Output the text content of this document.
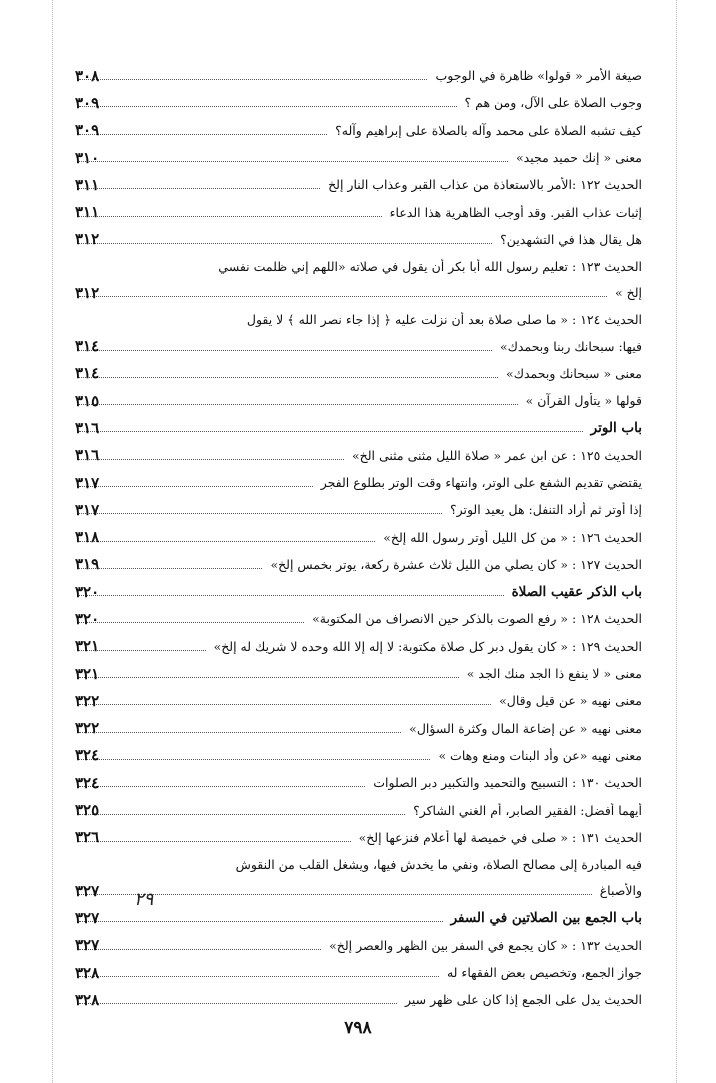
صيغة الأمر « قولوا» ظاهرة في الوجوب
٣٠٨
وجوب الصلاة على الآل، ومن هم ؟
٣٠٩
كيف تشبه الصلاة على محمد وآله بالصلاة على إبراهيم وآله؟
٣٠٩
معنى « إنك حميد مجيد»
٣١٠
الحديث ١٢٢ :الأمر بالاستعاذة من عذاب القبر وعذاب النار إلخ
٣١١
إثبات عذاب القبر. وقد أوجب الظاهرية هذا الدعاء
٣١١
هل يقال هذا في التشهدين؟
٣١٢
الحديث ١٢٣ : تعليم رسول الله أبا بكر أن يقول في صلاته «اللهم إني ظلمت نفسي
إلخ »
٣١٢
الحديث ١٢٤ : « ما صلى صلاة بعد أن نزلت عليه ﴿ إذا جاء نصر الله ﴾ لا يقول
فيها: سبحانك ربنا وبحمدك»
٣١٤
معنى « سبحانك وبحمدك»
٣١٤
قولها « يتأول القرآن »
٣١٥
باب الوتر
٣١٦
الحديث ١٢٥ : عن ابن عمر « صلاة الليل مثنى مثنى الخ»
٣١٦
يقتضي تقديم الشفع على الوتر، وانتهاء وقت الوتر بطلوع الفجر
٣١٧
إذا أوتر ثم أراد التنفل: هل يعيد الوتر؟
٣١٧
الحديث ١٢٦ : « من كل الليل أوتر رسول الله إلخ»
٣١٨
الحديث ١٢٧ : « كان يصلي من الليل ثلاث عشرة ركعة، يوتر بخمس إلخ»
٣١٩
باب الذكر عقيب الصلاة
٣٢٠
الحديث ١٢٨ : « رفع الصوت بالذكر حين الانصراف من المكتوبة»
٣٢٠
الحديث ١٢٩ : « كان يقول دبر كل صلاة مكتوبة: لا إله إلا الله وحده لا شريك له إلخ»
٣٢١
معنى « لا ينفع ذا الجد منك الجد »
٣٢١
معنى نهيه « عن قيل وقال»
٣٢٢
معنى نهيه « عن إضاعة المال وكثرة السؤال»
٣٢٢
معنى نهيه «عن وأد البنات ومنع وهات »
٣٢٤
الحديث ١٣٠ : التسبيح والتحميد والتكبير دبر الصلوات
٣٢٤
أيهما أفضل: الفقير الصابر، أم الغني الشاكر؟
٣٢٥
الحديث ١٣١ : « صلى في خميصة لها أعلام فنزعها إلخ»
٣٢٦
فيه المبادرة إلى مصالح الصلاة، ونفي ما يخدش فيها، ويشغل القلب من النقوش
والأصباغ
٣٢٧
باب الجمع بين الصلاتين في السفر
٣٢٧
الحديث ١٣٢ : « كان يجمع في السفر بين الظهر والعصر إلخ»
٣٢٧
جواز الجمع، وتخصيص بعض الفقهاء له
٣٢٨
الحديث يدل على الجمع إذا كان على ظهر سير
٣٢٨
٢٩
٧٩٨
